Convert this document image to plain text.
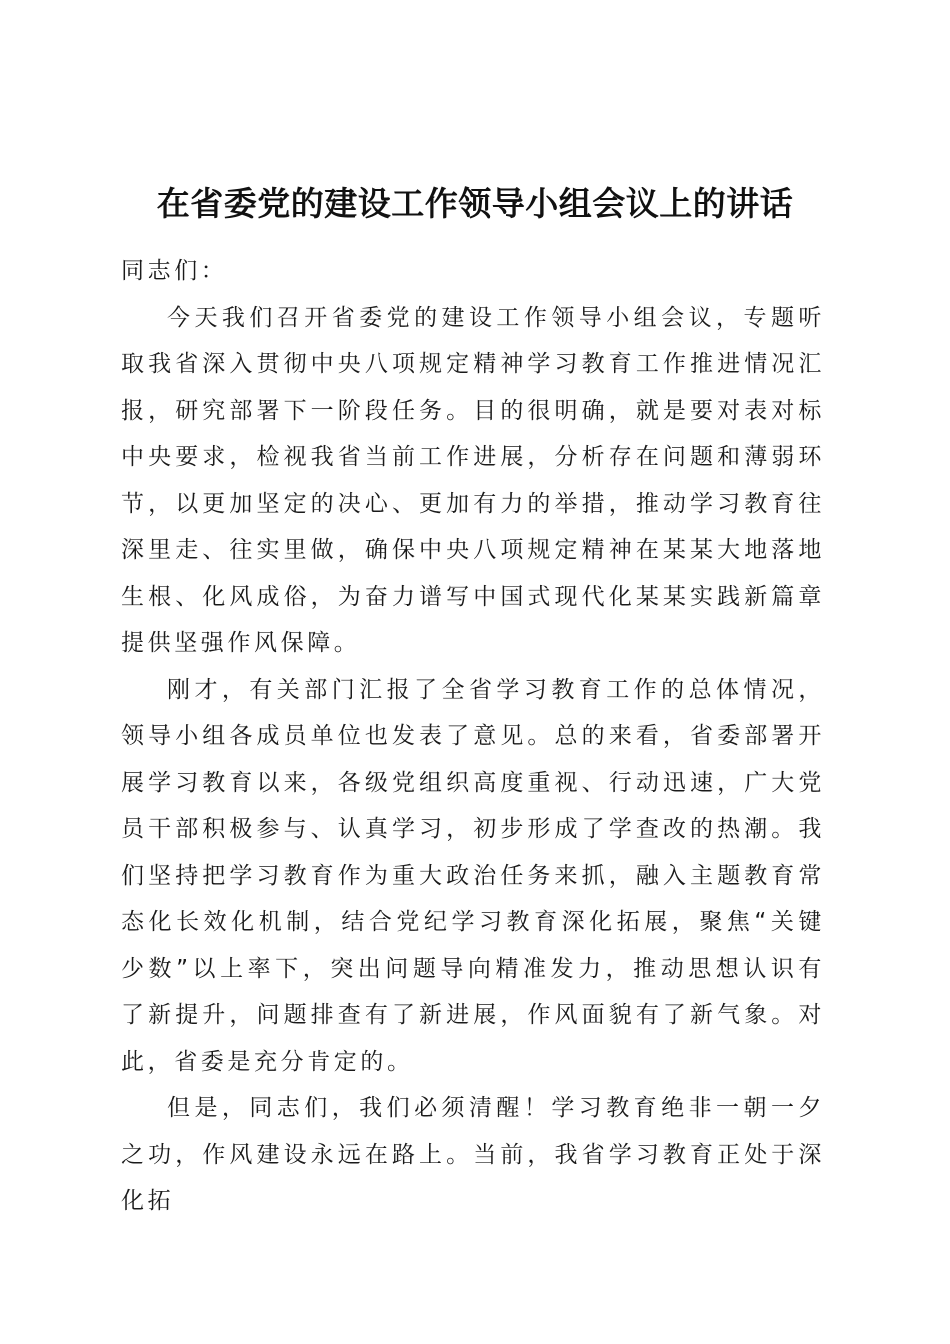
在省委党的建设工作领导小组会议上的讲话

同志们：

今天我们召开省委党的建设工作领导小组会议，专题听取我省深入贯彻中央八项规定精神学习教育工作推进情况汇报，研究部署下一阶段任务。目的很明确，就是要对表对标中央要求，检视我省当前工作进展，分析存在问题和薄弱环节，以更加坚定的决心、更加有力的举措，推动学习教育往深里走、往实里做，确保中央八项规定精神在某某大地落地生根、化风成俗，为奋力谱写中国式现代化某某实践新篇章提供坚强作风保障。

刚才，有关部门汇报了全省学习教育工作的总体情况，领导小组各成员单位也发表了意见。总的来看，省委部署开展学习教育以来，各级党组织高度重视、行动迅速，广大党员干部积极参与、认真学习，初步形成了学查改的热潮。我们坚持把学习教育作为重大政治任务来抓，融入主题教育常态化长效化机制，结合党纪学习教育深化拓展，聚焦“关键少数”以上率下，突出问题导向精准发力，推动思想认识有了新提升，问题排查有了新进展，作风面貌有了新气象。对此，省委是充分肯定的。

但是，同志们，我们必须清醒！学习教育绝非一朝一夕之功，作风建设永远在路上。当前，我省学习教育正处于深化拓
